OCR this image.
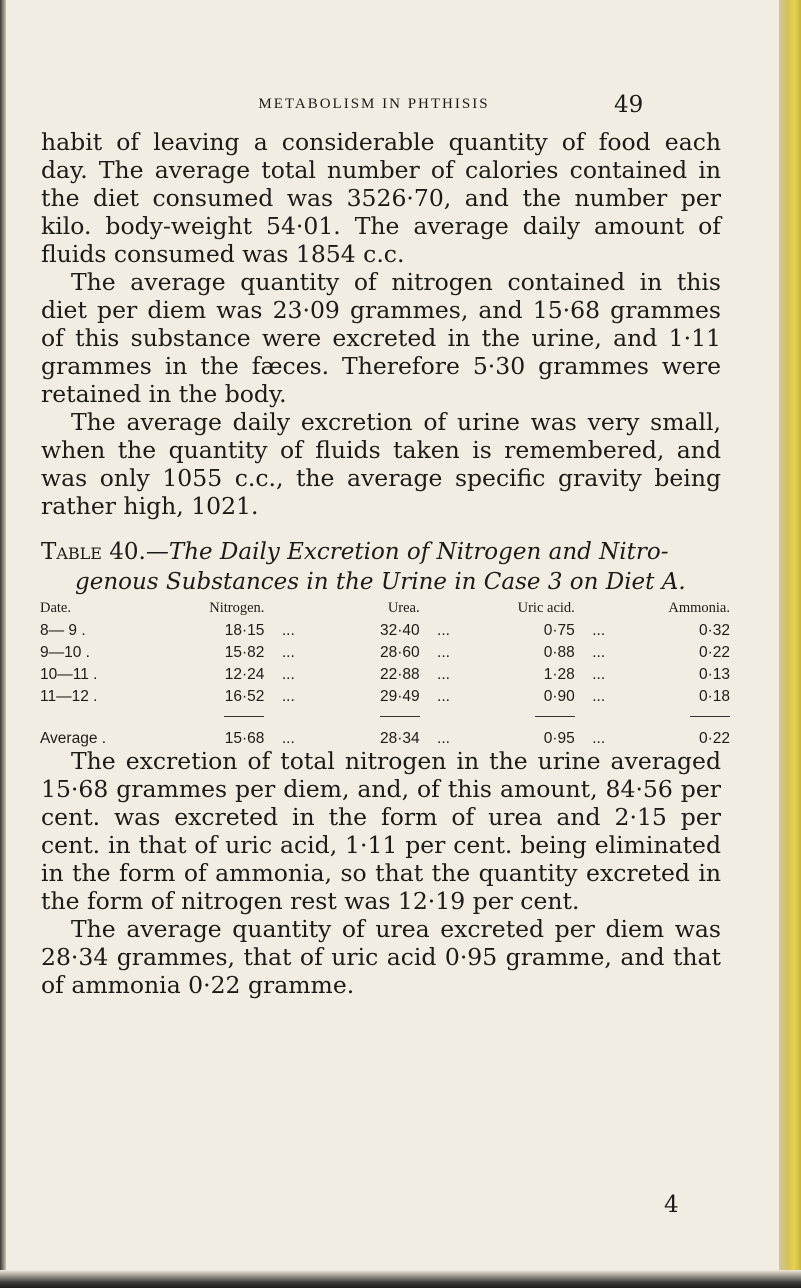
METABOLISM IN PHTHISIS	49

habit of leaving a considerable quantity of food each day. The average total number of calories contained in the diet consumed was 3526·70, and the number per kilo. body-weight 54·01. The average daily amount of fluids consumed was 1854 c.c.

The average quantity of nitrogen contained in this diet per diem was 23·09 grammes, and 15·68 grammes of this substance were excreted in the urine, and 1·11 grammes in the fæces. Therefore 5·30 grammes were retained in the body.

The average daily excretion of urine was very small, when the quantity of fluids taken is remembered, and was only 1055 c.c., the average specific gravity being rather high, 1021.

Table 40.—The Daily Excretion of Nitrogen and Nitro-
genous Substances in the Urine in Case 3 on Diet A.
Date.	Nitrogen.		Urea.		Uric acid.		Ammonia.
8— 9 .	18·15	...	32·40	...	0·75	...	0·32
9—10 .	15·82	...	28·60	...	0·88	...	0·22
10—11 .	12·24	...	22·88	...	1·28	...	0·13
11—12 .	16·52	...	29·49	...	0·90	...	0·18

Average .	15·68	...	28·34	...	0·95	...	0·22

The excretion of total nitrogen in the urine averaged 15·68 grammes per diem, and, of this amount, 84·56 per cent. was excreted in the form of urea and 2·15 per cent. in that of uric acid, 1·11 per cent. being eliminated in the form of ammonia, so that the quantity excreted in the form of nitrogen rest was 12·19 per cent.

The average quantity of urea excreted per diem was 28·34 grammes, that of uric acid 0·95 gramme, and that of ammonia 0·22 gramme.

4
